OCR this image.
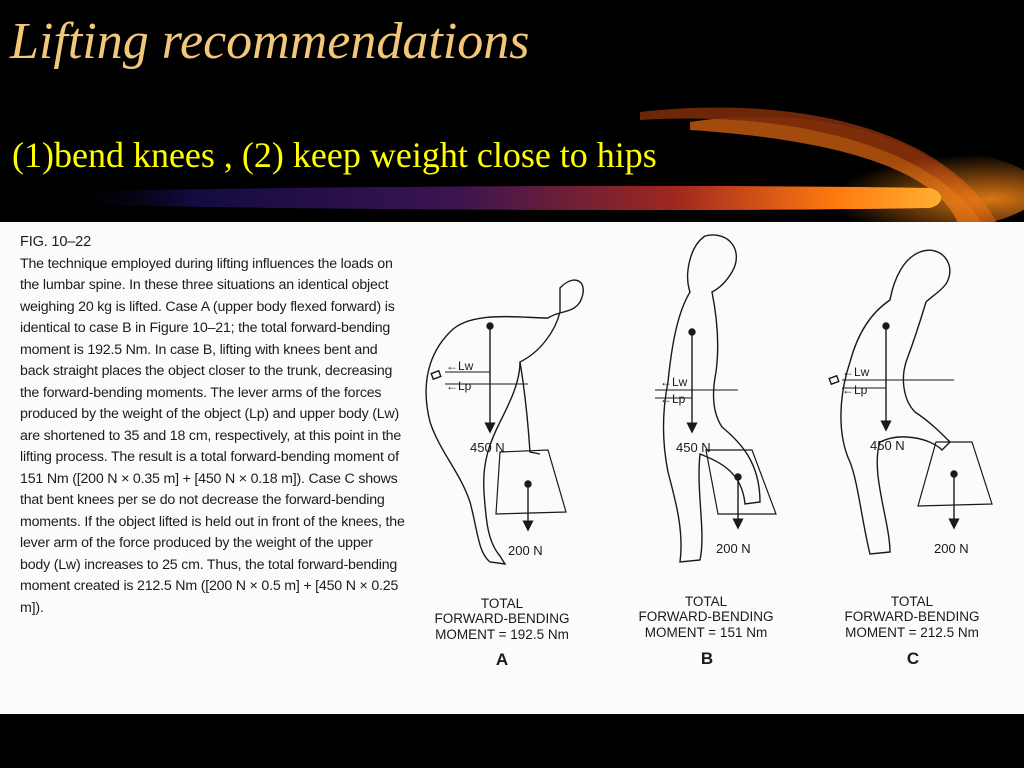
Lifting recommendations
(1)bend knees , (2) keep weight close to hips

FIG. 10–22

The technique employed during lifting influences the loads on the lumbar spine. In these three situations an identical object weighing 20 kg is lifted. Case A (upper body flexed forward) is identical to case B in Figure 10–21; the total forward-bending moment is 192.5 Nm. In case B, lifting with knees bent and back straight places the object closer to the trunk, decreasing the forward-bending moments. The lever arms of the forces produced by the weight of the object (Lp) and upper body (Lw) are shortened to 35 and 18 cm, respectively, at this point in the lifting process. The result is a total forward-bending moment of 151 Nm ([200 N × 0.35 m] + [450 N × 0.18 m]). Case C shows that bent knees per se do not decrease the forward-bending moments. If the object lifted is held out in front of the knees, the lever arm of the force produced by the weight of the upper body (Lw) increases to 25 cm. Thus, the total forward-bending moment created is 212.5 Nm ([200 N × 0.5 m] + [450 N × 0.25 m]).

←Lw
←Lp
450 N
200 N
TOTAL
FORWARD-BENDING
MOMENT = 192.5 Nm
A
←Lw
←Lp
450 N
200 N
TOTAL
FORWARD-BENDING
MOMENT = 151 Nm
B
←Lw
←Lp
450 N
200 N
TOTAL
FORWARD-BENDING
MOMENT = 212.5 Nm
C
